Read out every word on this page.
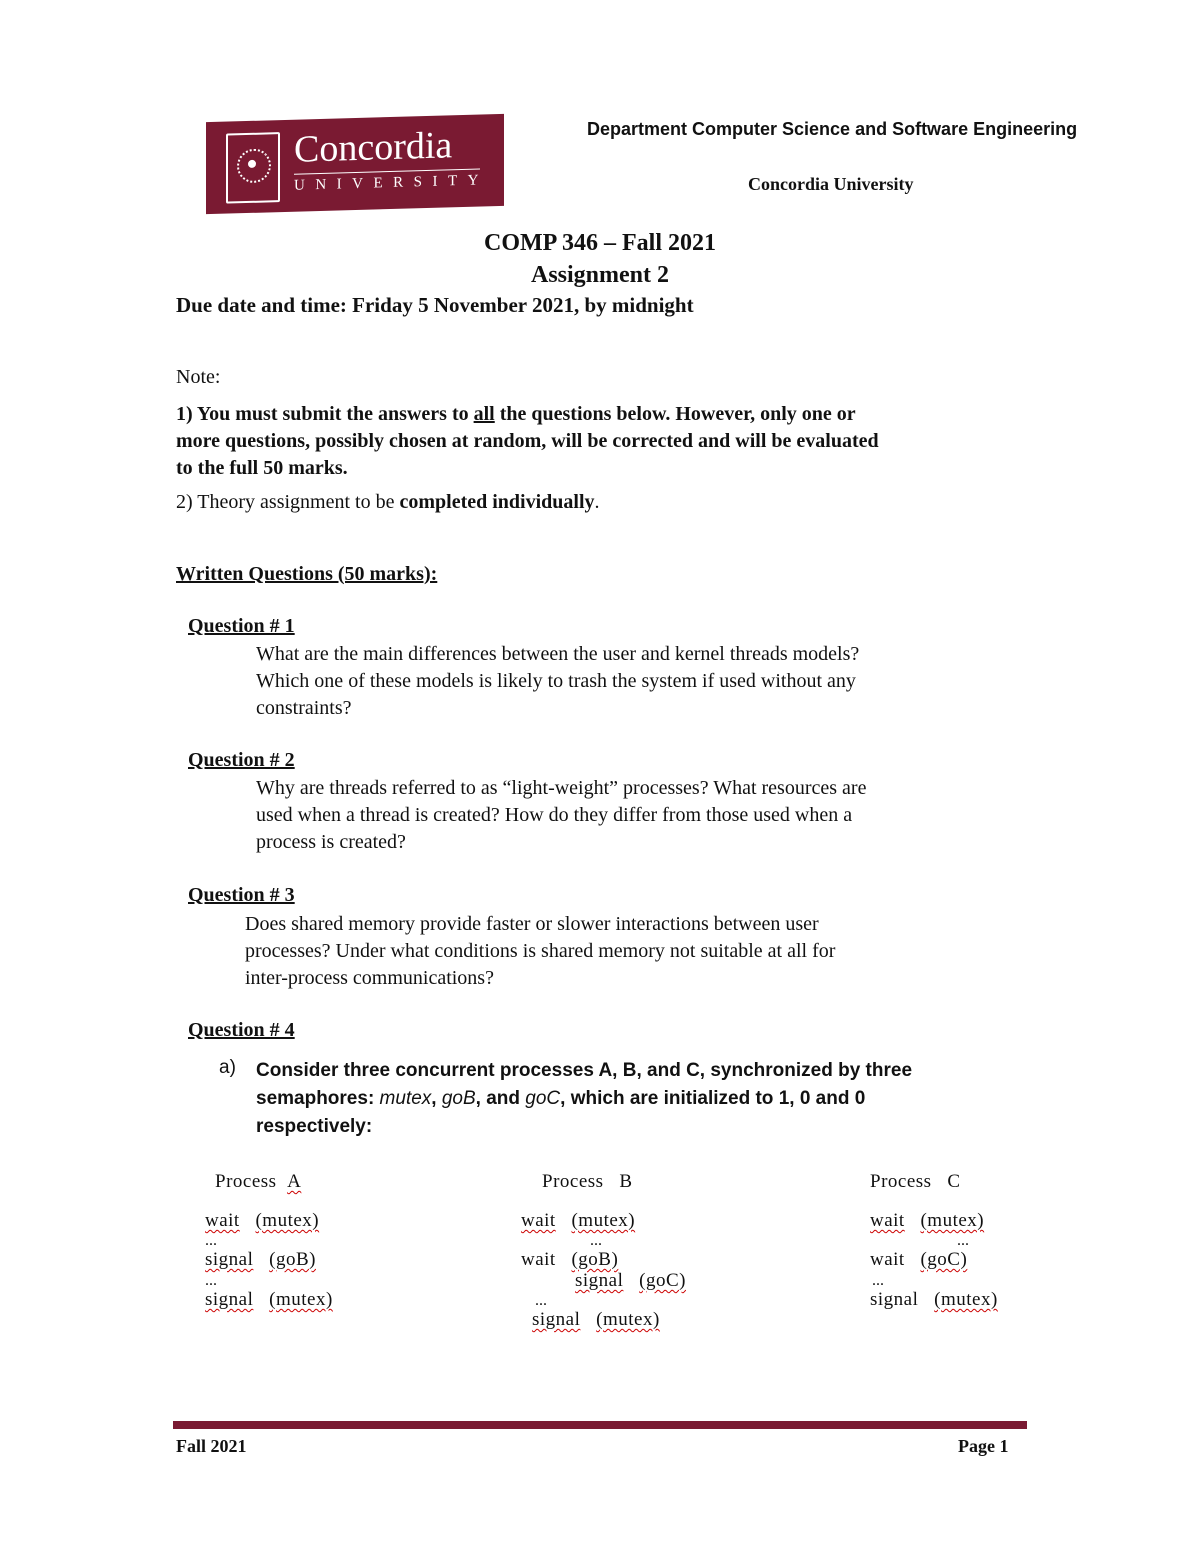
Concordia
UNIVERSITY
Department Computer Science and Software Engineering
Concordia University
COMP 346 – Fall 2021
Assignment 2
Due date and time: Friday 5 November 2021, by midnight
Note:
1) You must submit the answers to all the questions below. However, only one or
more questions, possibly chosen at random, will be corrected and will be evaluated
to the full 50 marks.
2) Theory assignment to be completed individually.
Written Questions (50 marks):
Question # 1
What are the main differences between the user and kernel threads models?
Which one of these models is likely to trash the system if used without any
constraints?
Question # 2
Why are threads referred to as “light-weight” processes? What resources are
used when a thread is created? How do they differ from those used when a
process is created?
Question # 3
Does shared memory provide faster or slower interactions between user
processes? Under what conditions is shared memory not suitable at all for
inter-process communications?
Question # 4
a) Consider three concurrent processes A, B, and C, synchronized by three
semaphores: mutex, goB, and goC, which are initialized to 1, 0 and 0
respectively:
Process A
wait (mutex)
...
signal (goB)
...
signal (mutex)
Process B
wait (mutex)
...
wait (goB)
signal (goC)
...
signal (mutex)
Process C
wait (mutex)
...
wait (goC)
...
signal (mutex)
Fall 2021	Page 1
